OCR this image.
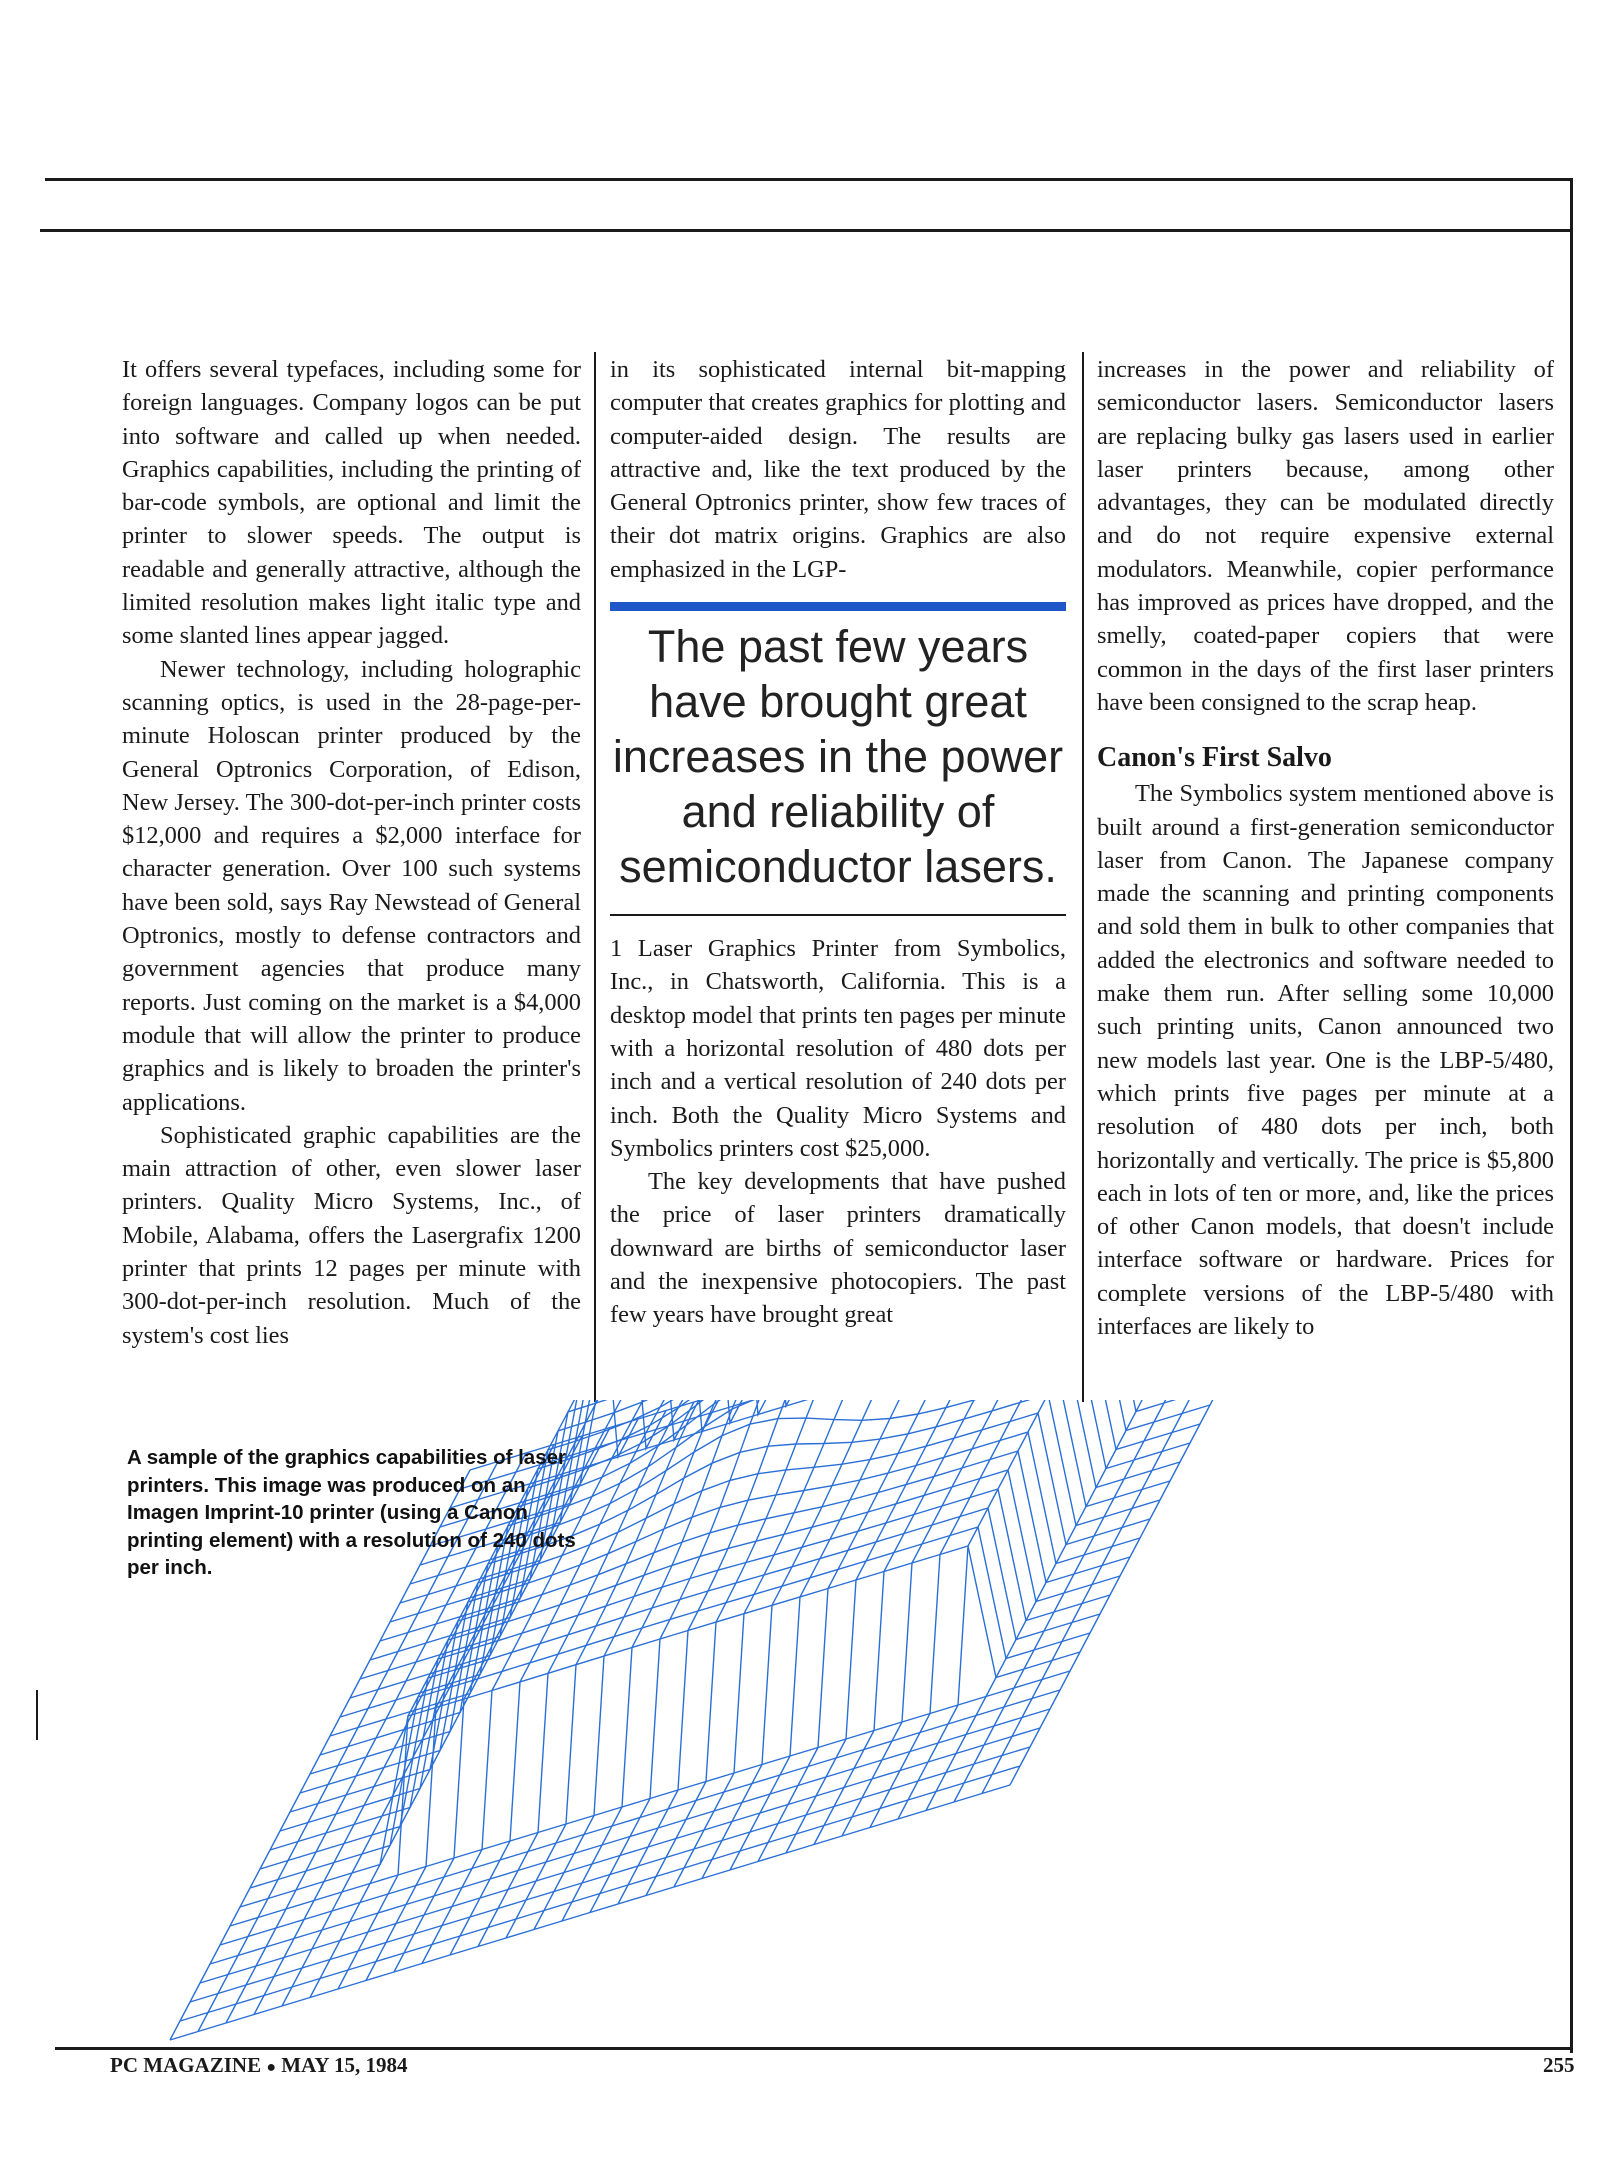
It offers several typefaces, including some for foreign languages. Company logos can be put into software and called up when needed. Graphics capabilities, including the printing of bar-code symbols, are optional and limit the printer to slower speeds. The output is readable and generally attractive, although the limited resolution makes light italic type and some slanted lines appear jagged.

Newer technology, including holographic scanning optics, is used in the 28-page-per-minute Holoscan printer produced by the General Optronics Corporation, of Edison, New Jersey. The 300-dot-per-inch printer costs $12,000 and requires a $2,000 interface for character generation. Over 100 such systems have been sold, says Ray Newstead of General Optronics, mostly to defense contractors and government agencies that produce many reports. Just coming on the market is a $4,000 module that will allow the printer to produce graphics and is likely to broaden the printer's applications.

Sophisticated graphic capabilities are the main attraction of other, even slower laser printers. Quality Micro Systems, Inc., of Mobile, Alabama, offers the Lasergrafix 1200 printer that prints 12 pages per minute with 300-dot-per-inch resolution. Much of the system's cost lies

in its sophisticated internal bit-mapping computer that creates graphics for plotting and computer-aided design. The results are attractive and, like the text produced by the General Optronics printer, show few traces of their dot matrix origins. Graphics are also emphasized in the LGP-

The past few years have brought great increases in the power and reliability of semiconductor lasers.

1 Laser Graphics Printer from Symbolics, Inc., in Chatsworth, California. This is a desktop model that prints ten pages per minute with a horizontal resolution of 480 dots per inch and a vertical resolution of 240 dots per inch. Both the Quality Micro Systems and Symbolics printers cost $25,000.

The key developments that have pushed the price of laser printers dramatically downward are births of semiconductor laser and the inexpensive photocopiers. The past few years have brought great

increases in the power and reliability of semiconductor lasers. Semiconductor lasers are replacing bulky gas lasers used in earlier laser printers because, among other advantages, they can be modulated directly and do not require expensive external modulators. Meanwhile, copier performance has improved as prices have dropped, and the smelly, coated-paper copiers that were common in the days of the first laser printers have been consigned to the scrap heap.

Canon's First Salvo

The Symbolics system mentioned above is built around a first-generation semiconductor laser from Canon. The Japanese company made the scanning and printing components and sold them in bulk to other companies that added the electronics and software needed to make them run. After selling some 10,000 such printing units, Canon announced two new models last year. One is the LBP-5/480, which prints five pages per minute at a resolution of 480 dots per inch, both horizontally and vertically. The price is $5,800 each in lots of ten or more, and, like the prices of other Canon models, that doesn't include interface software or hardware. Prices for complete versions of the LBP-5/480 with interfaces are likely to

A sample of the graphics capabilities of laser printers. This image was produced on an Imagen Imprint-10 printer (using a Canon printing element) with a resolution of 240 dots per inch.
PC MAGAZINE ● MAY 15, 1984	255
